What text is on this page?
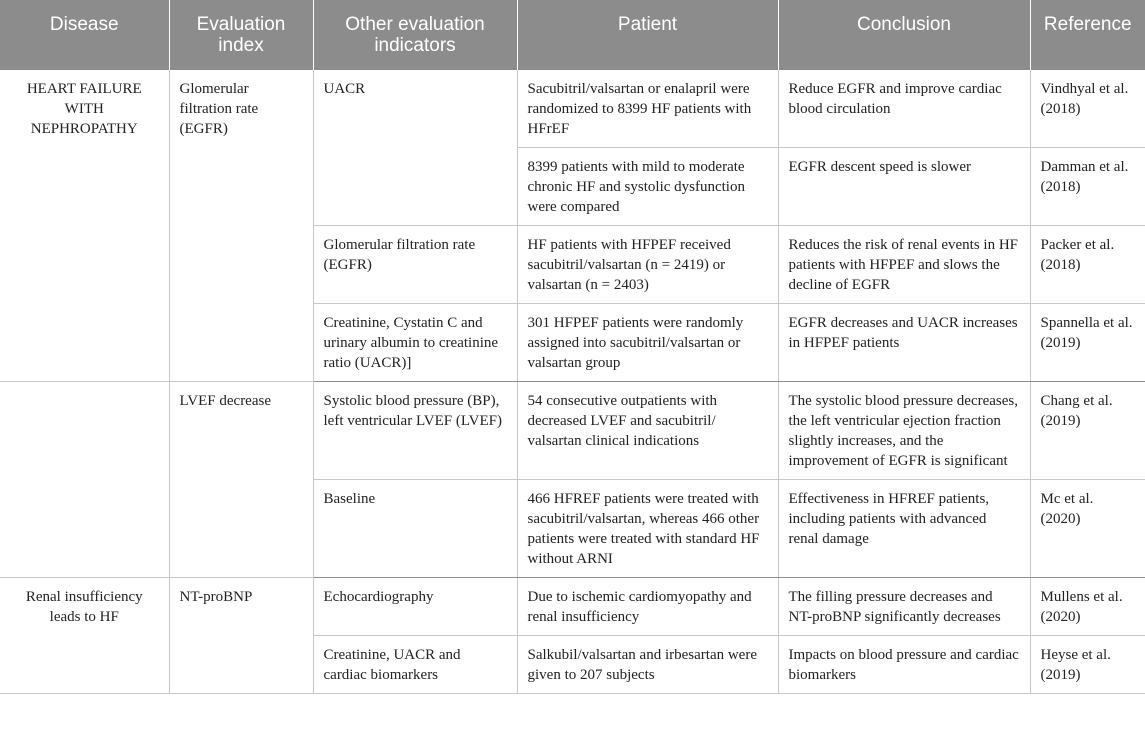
Disease	Evaluation index	Other evaluation indicators	Patient	Conclusion	Reference
HEART FAILURE WITH NEPHROPATHY	Glomerular filtration rate (EGFR)	UACR	Sacubitril/valsartan or enalapril were randomized to 8399 HF patients with HFrEF	Reduce EGFR and improve cardiac blood circulation	Vindhyal et al. (2018)
			8399 patients with mild to moderate chronic HF and systolic dysfunction were compared	EGFR descent speed is slower	Damman et al. (2018)
		Glomerular filtration rate (EGFR)	HF patients with HFPEF received sacubitril/valsartan (n = 2419) or valsartan (n = 2403)	Reduces the risk of renal events in HF patients with HFPEF and slows the decline of EGFR	Packer et al. (2018)
		Creatinine, Cystatin C and urinary albumin to creatinine ratio (UACR)]	301 HFPEF patients were randomly assigned into sacubitril/valsartan or valsartan group	EGFR decreases and UACR increases in HFPEF patients	Spannella et al. (2019)
	LVEF decrease	Systolic blood pressure (BP), left ventricular LVEF (LVEF)	54 consecutive outpatients with decreased LVEF and sacubitril/ valsartan clinical indications	The systolic blood pressure decreases, the left ventricular ejection fraction slightly increases, and the improvement of EGFR is significant	Chang et al. (2019)
		Baseline	466 HFREF patients were treated with sacubitril/valsartan, whereas 466 other patients were treated with standard HF without ARNI	Effectiveness in HFREF patients, including patients with advanced renal damage	Mc et al. (2020)
Renal insufficiency leads to HF	NT-proBNP	Echocardiography	Due to ischemic cardiomyopathy and renal insufficiency	The filling pressure decreases and NT-proBNP significantly decreases	Mullens et al. (2020)
		Creatinine, UACR and cardiac biomarkers	Salkubil/valsartan and irbesartan were given to 207 subjects	Impacts on blood pressure and cardiac biomarkers	Heyse et al. (2019)
